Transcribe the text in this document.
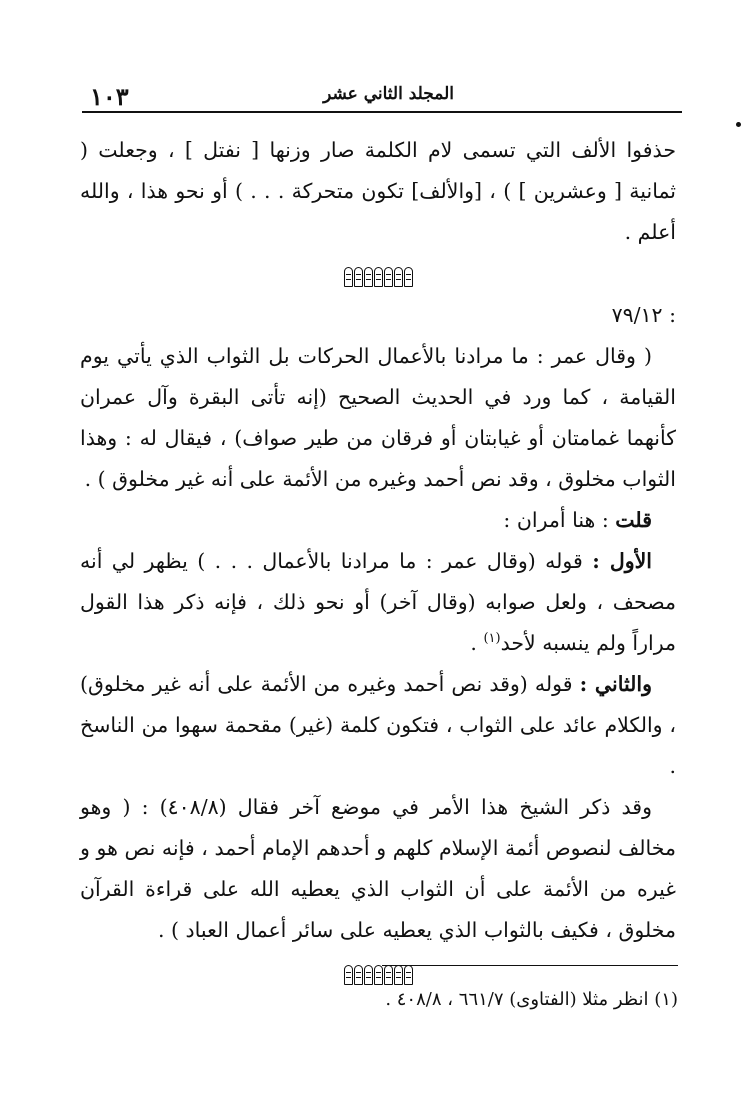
١٠٣	المجلد الثاني عشر

حذفوا الألف التي تسمى لام الكلمة صار وزنها [ نفتل ] ، وجعلت ( ثمانية [ وعشرين ] ) ، [والألف] تكون متحركة . . . ) أو نحو هذا ، والله أعلم .

: ٧٩/١٢

( وقال عمر : ما مرادنا بالأعمال الحركات بل الثواب الذي يأتي يوم القيامة ، كما ورد في الحديث الصحيح (إنه تأتى البقرة وآل عمران كأنهما غمامتان أو غيابتان أو فرقان من طير صواف) ، فيقال له : وهذا الثواب مخلوق ، وقد نص أحمد وغيره من الأئمة على أنه غير مخلوق ) .

قلت : هنا أمران :

الأول : قوله (وقال عمر : ما مرادنا بالأعمال . . . ) يظهر لي أنه مصحف ، ولعل صوابه (وقال آخر) أو نحو ذلك ، فإنه ذكر هذا القول مراراً ولم ينسبه لأحد$^{(١)}$ .

والثاني : قوله (وقد نص أحمد وغيره من الأئمة على أنه غير مخلوق) ، والكلام عائد على الثواب ، فتكون كلمة (غير) مقحمة سهوا من الناسخ .

وقد ذكر الشيخ هذا الأمر في موضع آخر فقال (٤٠٨/٨) : ( وهو مخالف لنصوص أئمة الإسلام كلهم و أحدهم الإمام أحمد ، فإنه نص هو و غيره من الأئمة على أن الثواب الذي يعطيه الله على قراءة القرآن مخلوق ، فكيف بالثواب الذي يعطيه على سائر أعمال العباد ) .

(١) انظر مثلا (الفتاوى) ٦٦١/٧ ، ٤٠٨/٨ .
